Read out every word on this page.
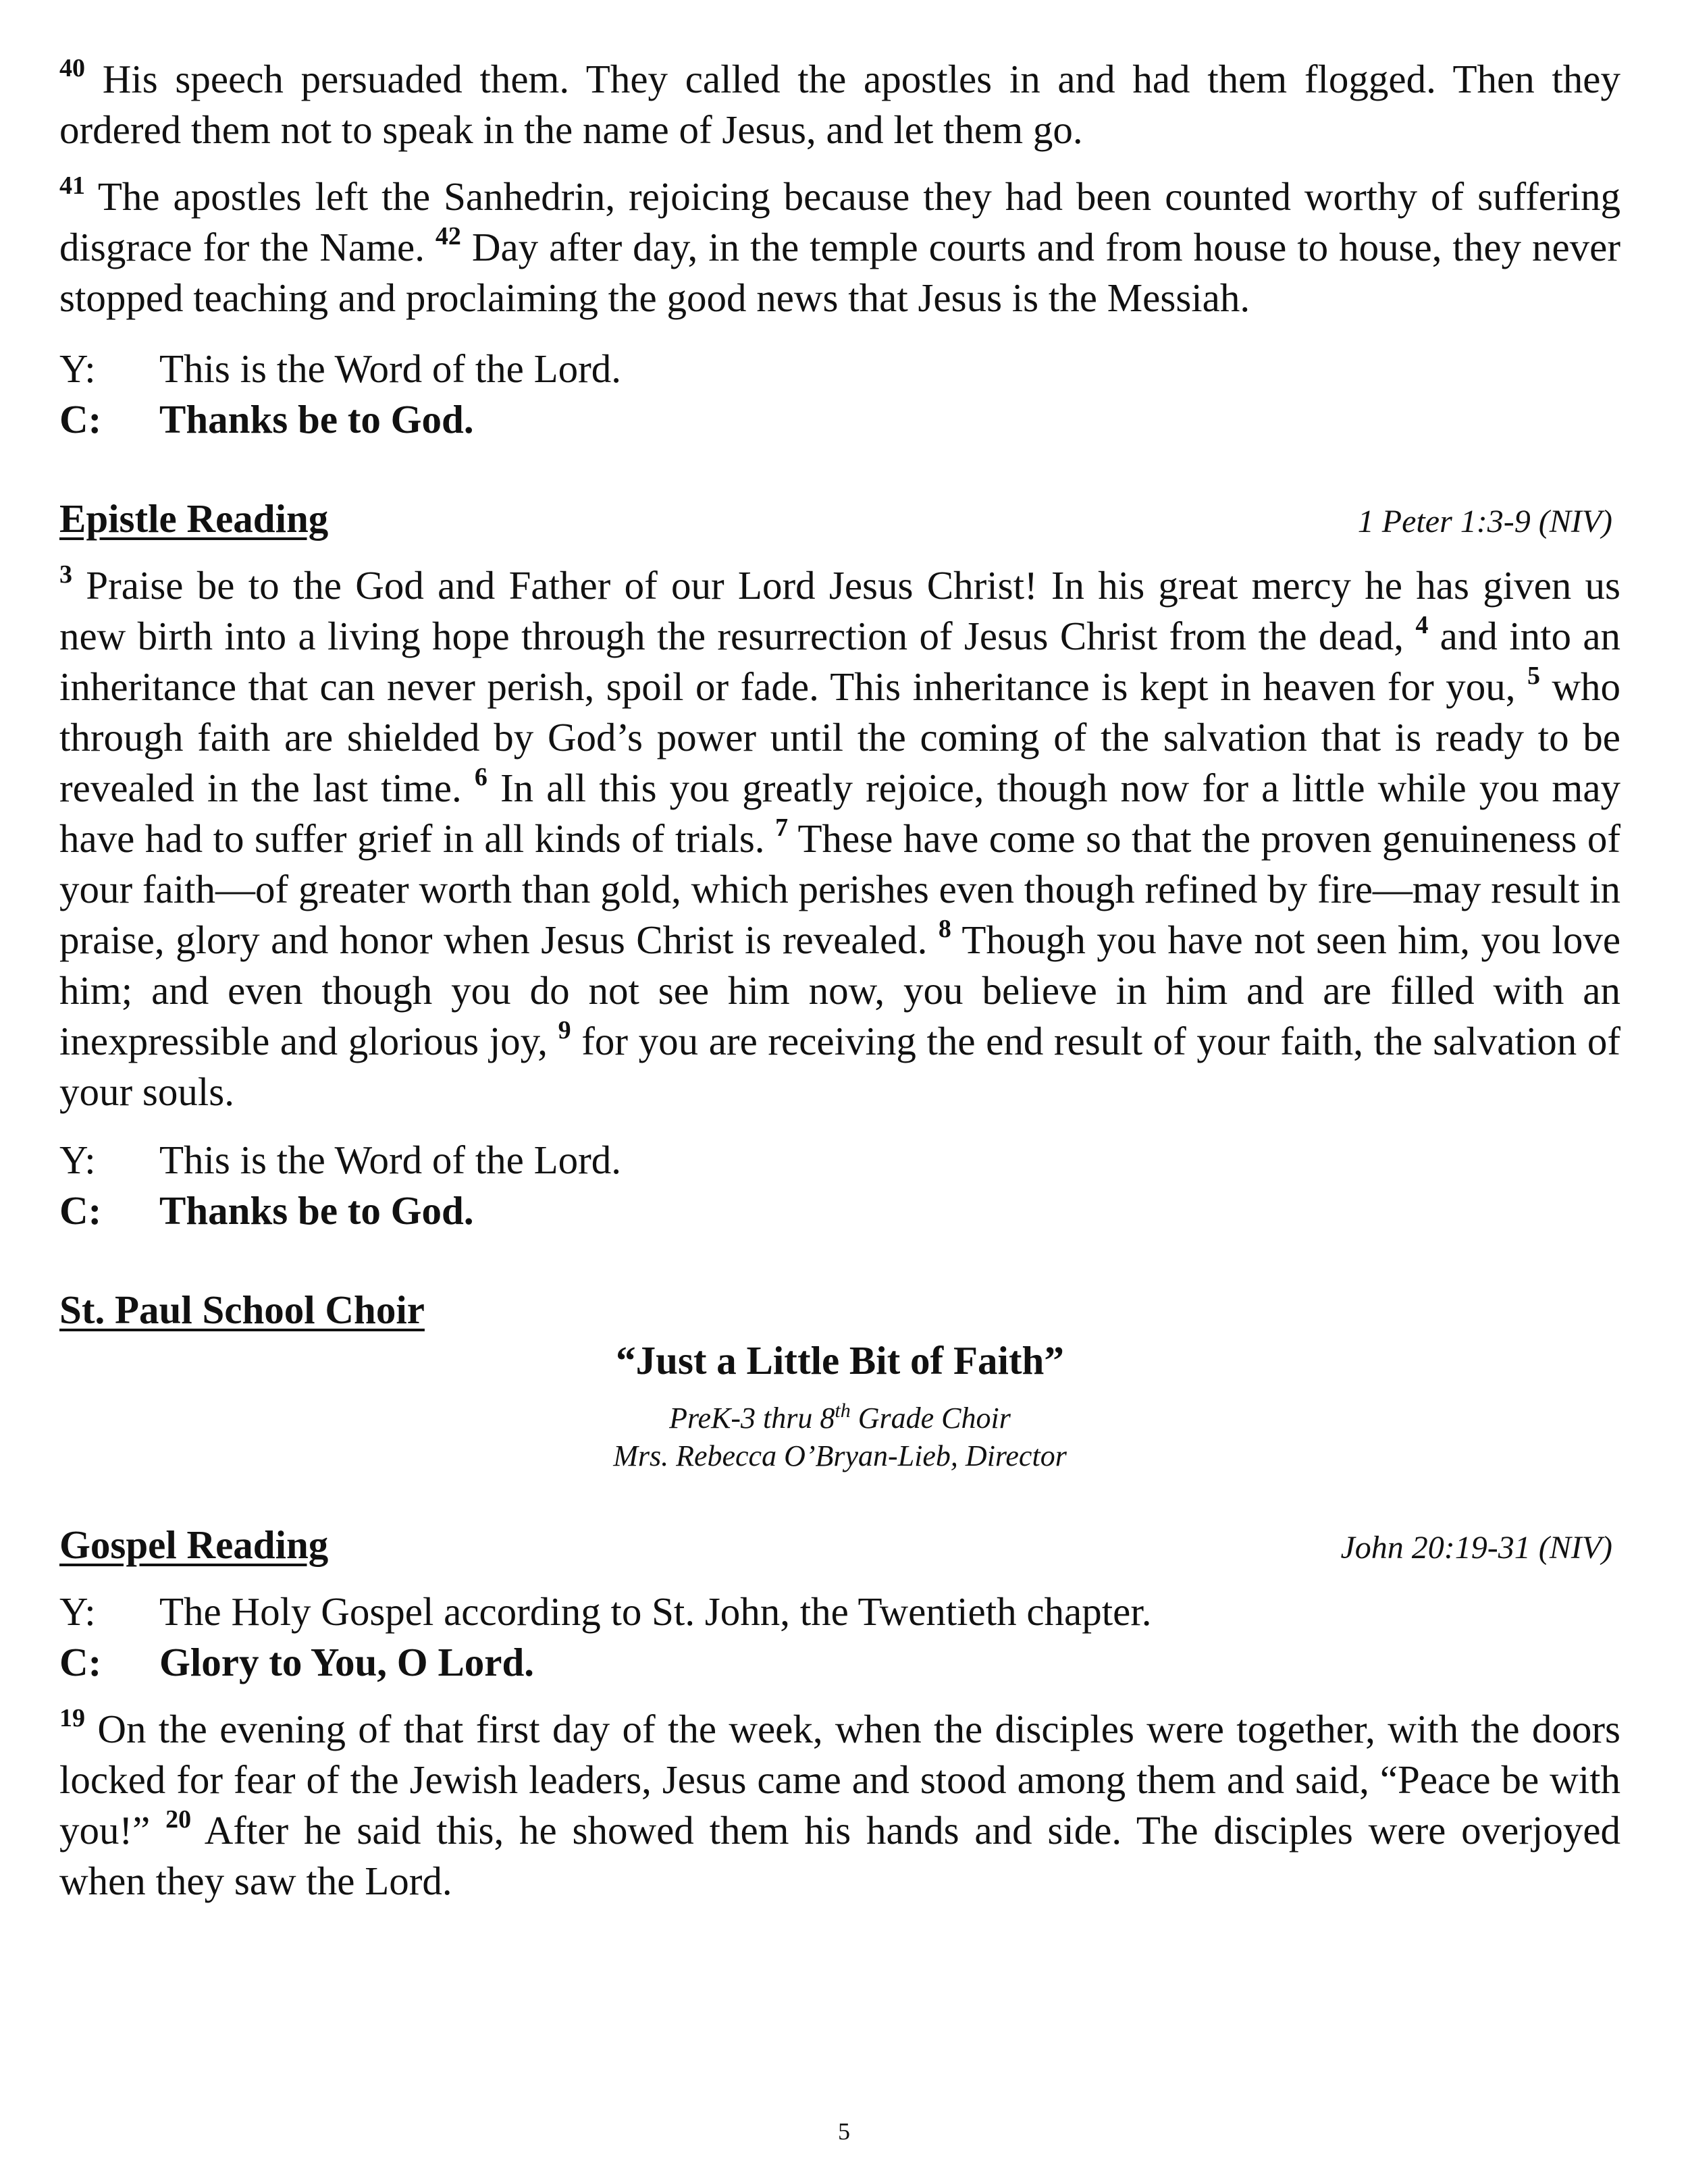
$^{40}$ His speech persuaded them. They called the apostles in and had them flogged. Then they ordered them not to speak in the name of Jesus, and let them go.

$^{41}$ The apostles left the Sanhedrin, rejoicing because they had been counted worthy of suffering disgrace for the Name. $^{42}$ Day after day, in the temple courts and from house to house, they never stopped teaching and proclaiming the good news that Jesus is the Messiah.

Y:	This is the Word of the Lord.
C:	Thanks be to God.
Epistle Reading	1 Peter 1:3-9 (NIV)

$^3$ Praise be to the God and Father of our Lord Jesus Christ! In his great mercy he has given us new birth into a living hope through the resurrection of Jesus Christ from the dead, $^4$ and into an inheritance that can never perish, spoil or fade. This inheritance is kept in heaven for you, $^5$ who through faith are shielded by God’s power until the coming of the salvation that is ready to be revealed in the last time. $^6$ In all this you greatly rejoice, though now for a little while you may have had to suffer grief in all kinds of trials. $^7$ These have come so that the proven genuineness of your faith—of greater worth than gold, which perishes even though refined by fire—may result in praise, glory and honor when Jesus Christ is revealed. $^8$ Though you have not seen him, you love him; and even though you do not see him now, you believe in him and are filled with an inexpressible and glorious joy, $^9$ for you are receiving the end result of your faith, the salvation of your souls.

Y:	This is the Word of the Lord.
C:	Thanks be to God.
St. Paul School Choir
“Just a Little Bit of Faith”
PreK-3 thru 8th Grade Choir
Mrs. Rebecca O’Bryan-Lieb, Director
Gospel Reading	John 20:19-31 (NIV)
Y:	The Holy Gospel according to St. John, the Twentieth chapter.
C:	Glory to You, O Lord.

$^{19}$ On the evening of that first day of the week, when the disciples were together, with the doors locked for fear of the Jewish leaders, Jesus came and stood among them and said, “Peace be with you!” $^{20}$ After he said this, he showed them his hands and side. The disciples were overjoyed when they saw the Lord.

5
